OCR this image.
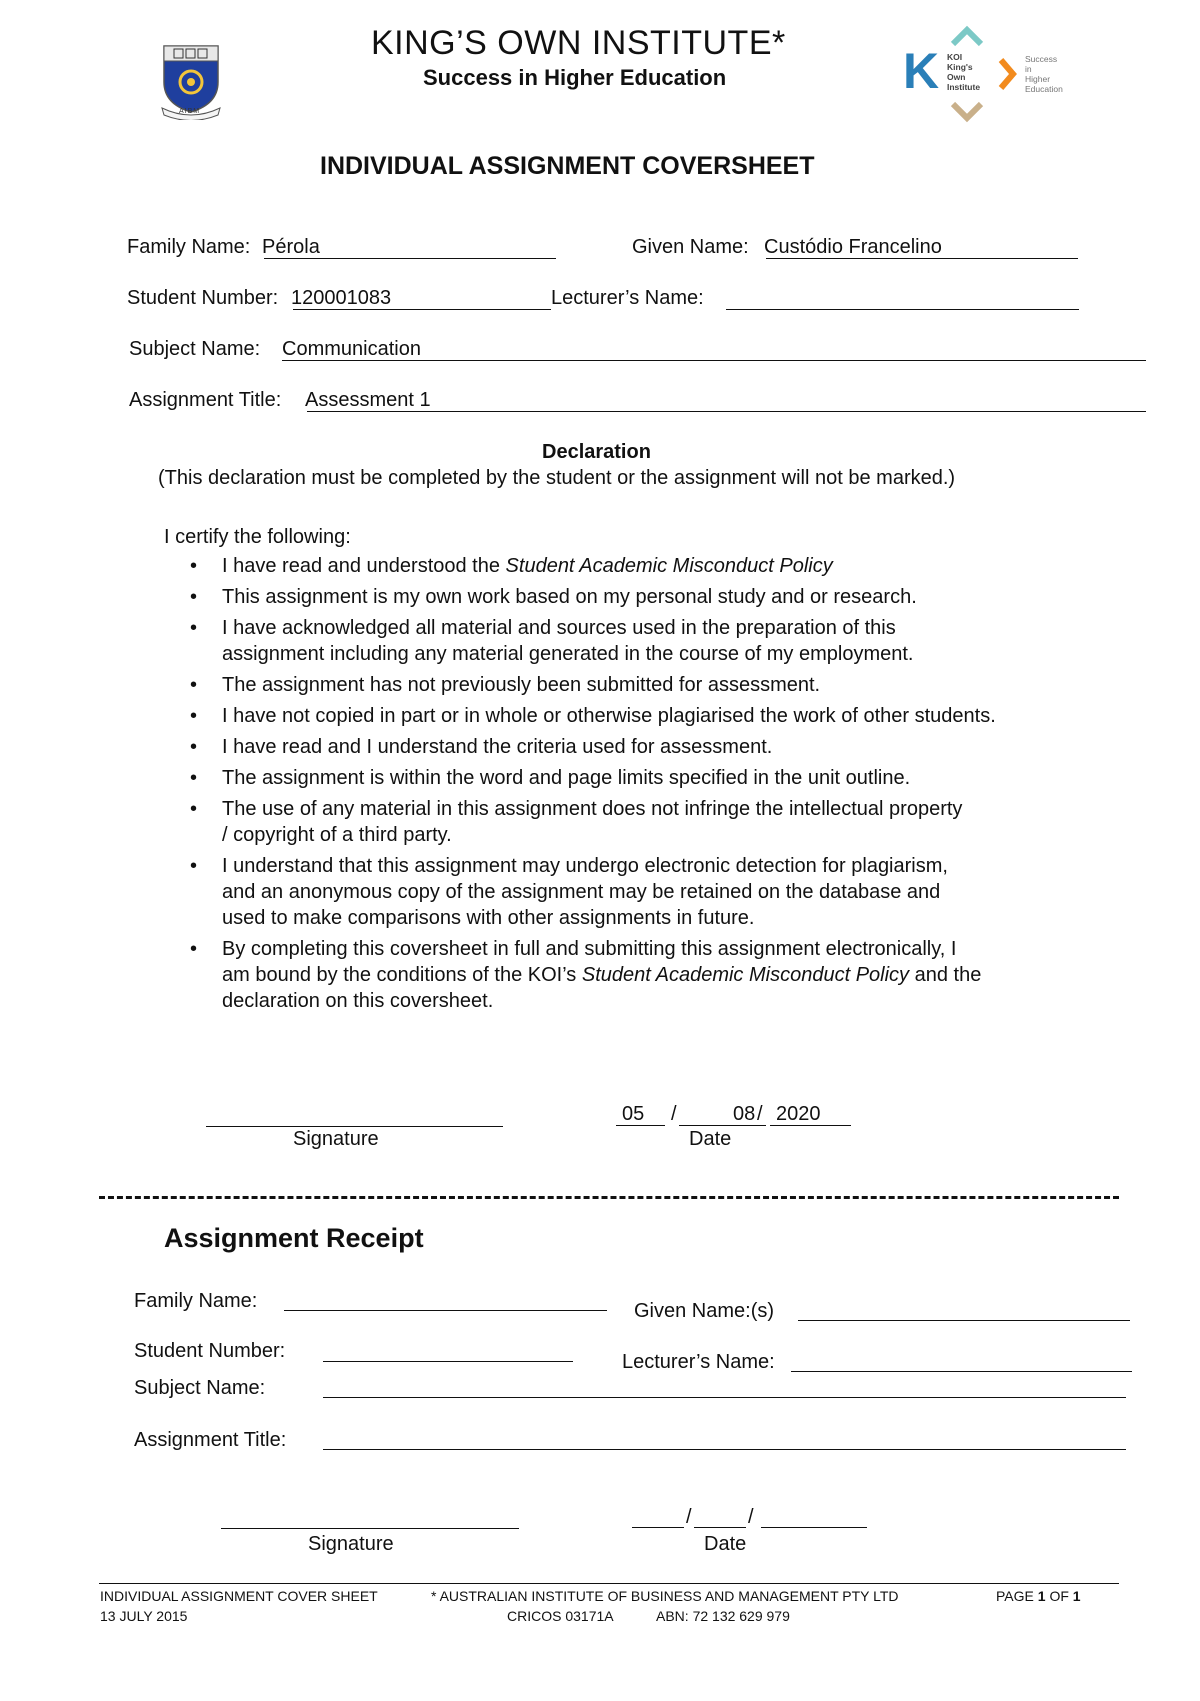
AIBM
KING’S OWN INSTITUTE*
Success in Higher Education	K KOI
King's
Own
Institute
Success
in
Higher
Education
INDIVIDUAL ASSIGNMENT COVERSHEET
Family Name: Pérola	Given Name: Custódio Francelino
Student Number: 120001083	Lecturer’s Name:
Subject Name: Communication
Assignment Title: Assessment 1
Declaration
(This declaration must be completed by the student or the assignment will not be marked.)
I certify the following:
• I have read and understood the Student Academic Misconduct Policy
• This assignment is my own work based on my personal study and or research.
• I have acknowledged all material and sources used in the preparation of this
assignment including any material generated in the course of my employment.
• The assignment has not previously been submitted for assessment.
• I have not copied in part or in whole or otherwise plagiarised the work of other students.
• I have read and I understand the criteria used for assessment.
• The assignment is within the word and page limits specified in the unit outline.
• The use of any material in this assignment does not infringe the intellectual property
/ copyright of a third party.
• I understand that this assignment may undergo electronic detection for plagiarism,
and an anonymous copy of the assignment may be retained on the database and
used to make comparisons with other assignments in future.
• By completing this coversheet in full and submitting this assignment electronically, I
am bound by the conditions of the KOI’s Student Academic Misconduct Policy and the
declaration on this coversheet.
Signature
05 /	08 / 2020
Date
Assignment Receipt
Family Name:	Given Name:(s)
Student Number:	Lecturer’s Name:
Subject Name:
Assignment Title:
Signature
/	/
Date
INDIVIDUAL ASSIGNMENT COVER SHEET
13 JULY 2015
* AUSTRALIAN INSTITUTE OF BUSINESS AND MANAGEMENT PTY LTD
CRICOS 03171A	ABN: 72 132 629 979
PAGE 1 OF 1
